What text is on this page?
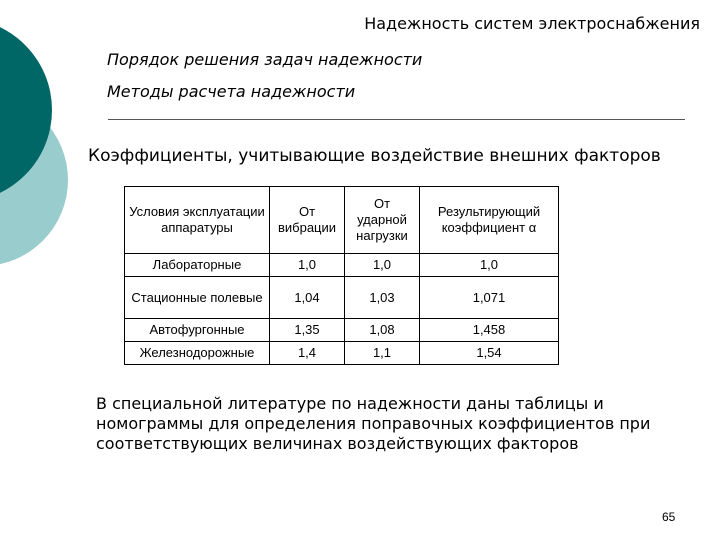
Надежность систем электроснабжения
Порядок решения задач надежности
Методы расчета надежности
Коэффициенты, учитывающие воздействие внешних факторов
Условия эксплуатации аппаратуры	От вибрации	От ударной нагрузки	Результирующий коэффициент α
Лабораторные	1,0	1,0	1,0
Стационные полевые	1,04	1,03	1,071
Автофургонные	1,35	1,08	1,458
Железнодорожные	1,4	1,1	1,54
В специальной литературе по надежности даны таблицы и номограммы для определения поправочных коэффициентов при соответствующих величинах воздействующих факторов
65
